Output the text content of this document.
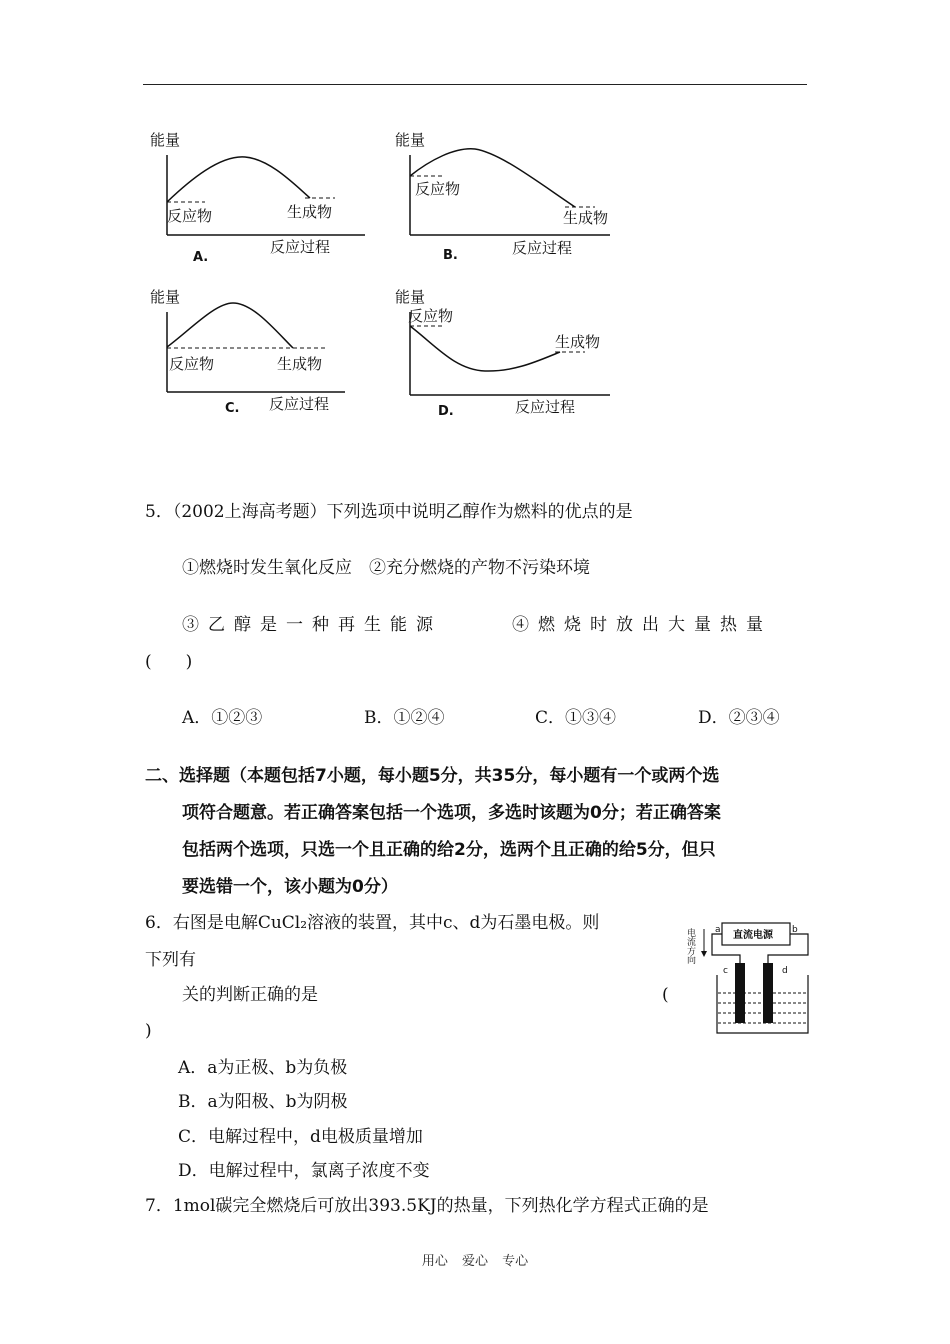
能量
反应物	生成物
A.
反应过程
能量
反应物
生成物
B.	反应过程
能量
反应物	生成物
C. 反应过程
能量
反应物
生成物
D.	反应过程
5．（2002上海高考题）下列选项中说明乙醇作为燃料的优点的是
①燃烧时发生氧化反应　②充分燃烧的产物不污染环境
③乙醇是一种再生能源	④燃烧时放出大量热量
(　　)
A．①②③	B．①②④	C．①③④	D．②③④
二、选择题（本题包括7小题，每小题5分，共35分，每小题有一个或两个选
项符合题意。若正确答案包括一个选项，多选时该题为0分；若正确答案
包括两个选项，只选一个且正确的给2分，选两个且正确的给5分，但只
要选错一个，该小题为0分）
6．右图是电解CuCl₂溶液的装置，其中c、d为石墨电极。则
下列有
关的判断正确的是	(
)
A．a为正极、b为负极
B．a为阳极、b为阴极
C．电解过程中，d电极质量增加
D．电解过程中，氯离子浓度不变
电流方向	直流电源
a	b
c	d
7．1mol碳完全燃烧后可放出393.5KJ的热量，下列热化学方程式正确的是
用心 爱心 专心
